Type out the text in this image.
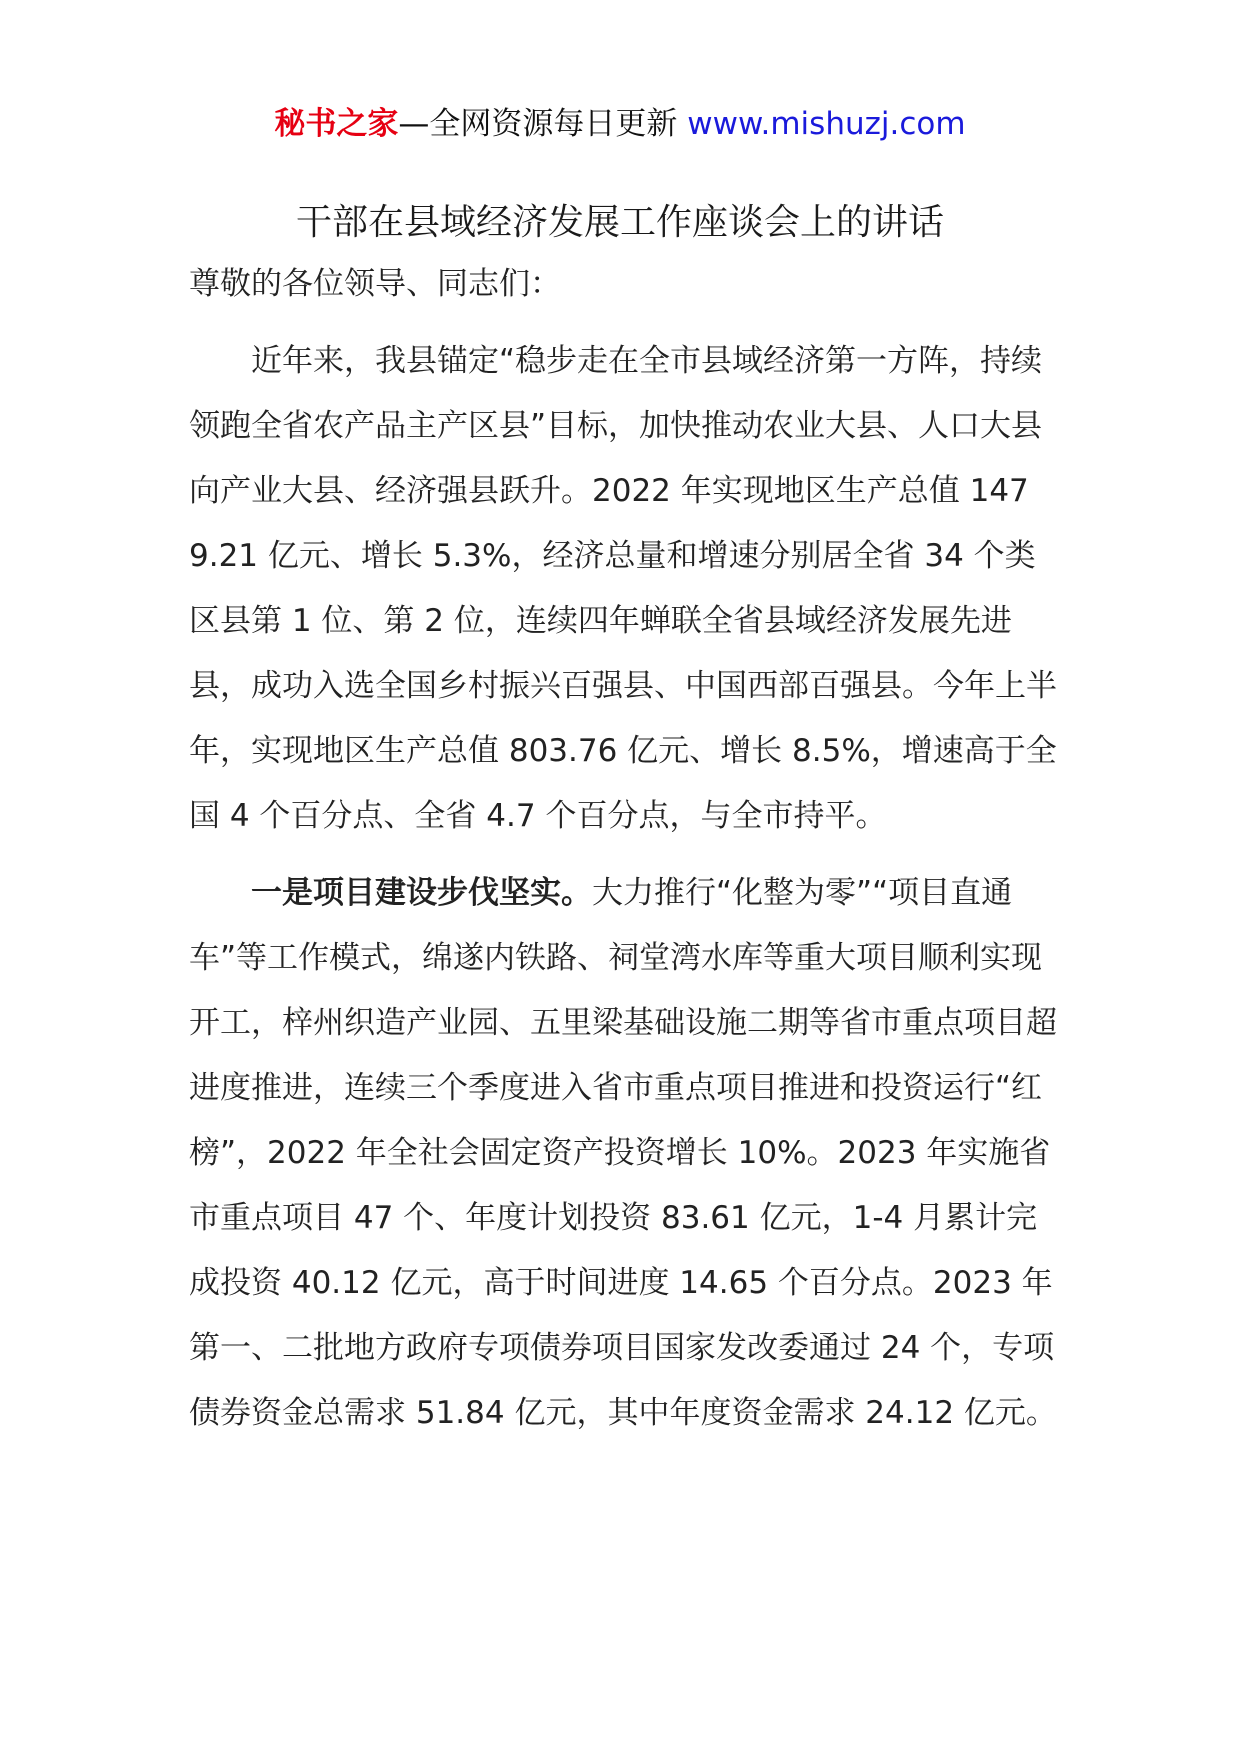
秘书之家—全网资源每日更新 www.mishuzj.com
干部在县域经济发展工作座谈会上的讲话

尊敬的各位领导、同志们：

近年来，我县锚定“稳步走在全市县域经济第一方阵，持续领跑全省农产品主产区县”目标，加快推动农业大县、人口大县向产业大县、经济强县跃升。2022 年实现地区生产总值 1479.21 亿元、增长 5.3%，经济总量和增速分别居全省 34 个类区县第 1 位、第 2 位，连续四年蝉联全省县域经济发展先进县，成功入选全国乡村振兴百强县、中国西部百强县。今年上半年，实现地区生产总值 803.76 亿元、增长 8.5%，增速高于全国 4 个百分点、全省 4.7 个百分点，与全市持平。

一是项目建设步伐坚实。大力推行“化整为零”“项目直通车”等工作模式，绵遂内铁路、祠堂湾水库等重大项目顺利实现开工，梓州织造产业园、五里梁基础设施二期等省市重点项目超进度推进，连续三个季度进入省市重点项目推进和投资运行“红榜”，2022 年全社会固定资产投资增长 10%。2023 年实施省市重点项目 47 个、年度计划投资 83.61 亿元，1-4 月累计完成投资 40.12 亿元，高于时间进度 14.65 个百分点。2023 年第一、二批地方政府专项债券项目国家发改委通过 24 个，专项债券资金总需求 51.84 亿元，其中年度资金需求 24.12 亿元。
